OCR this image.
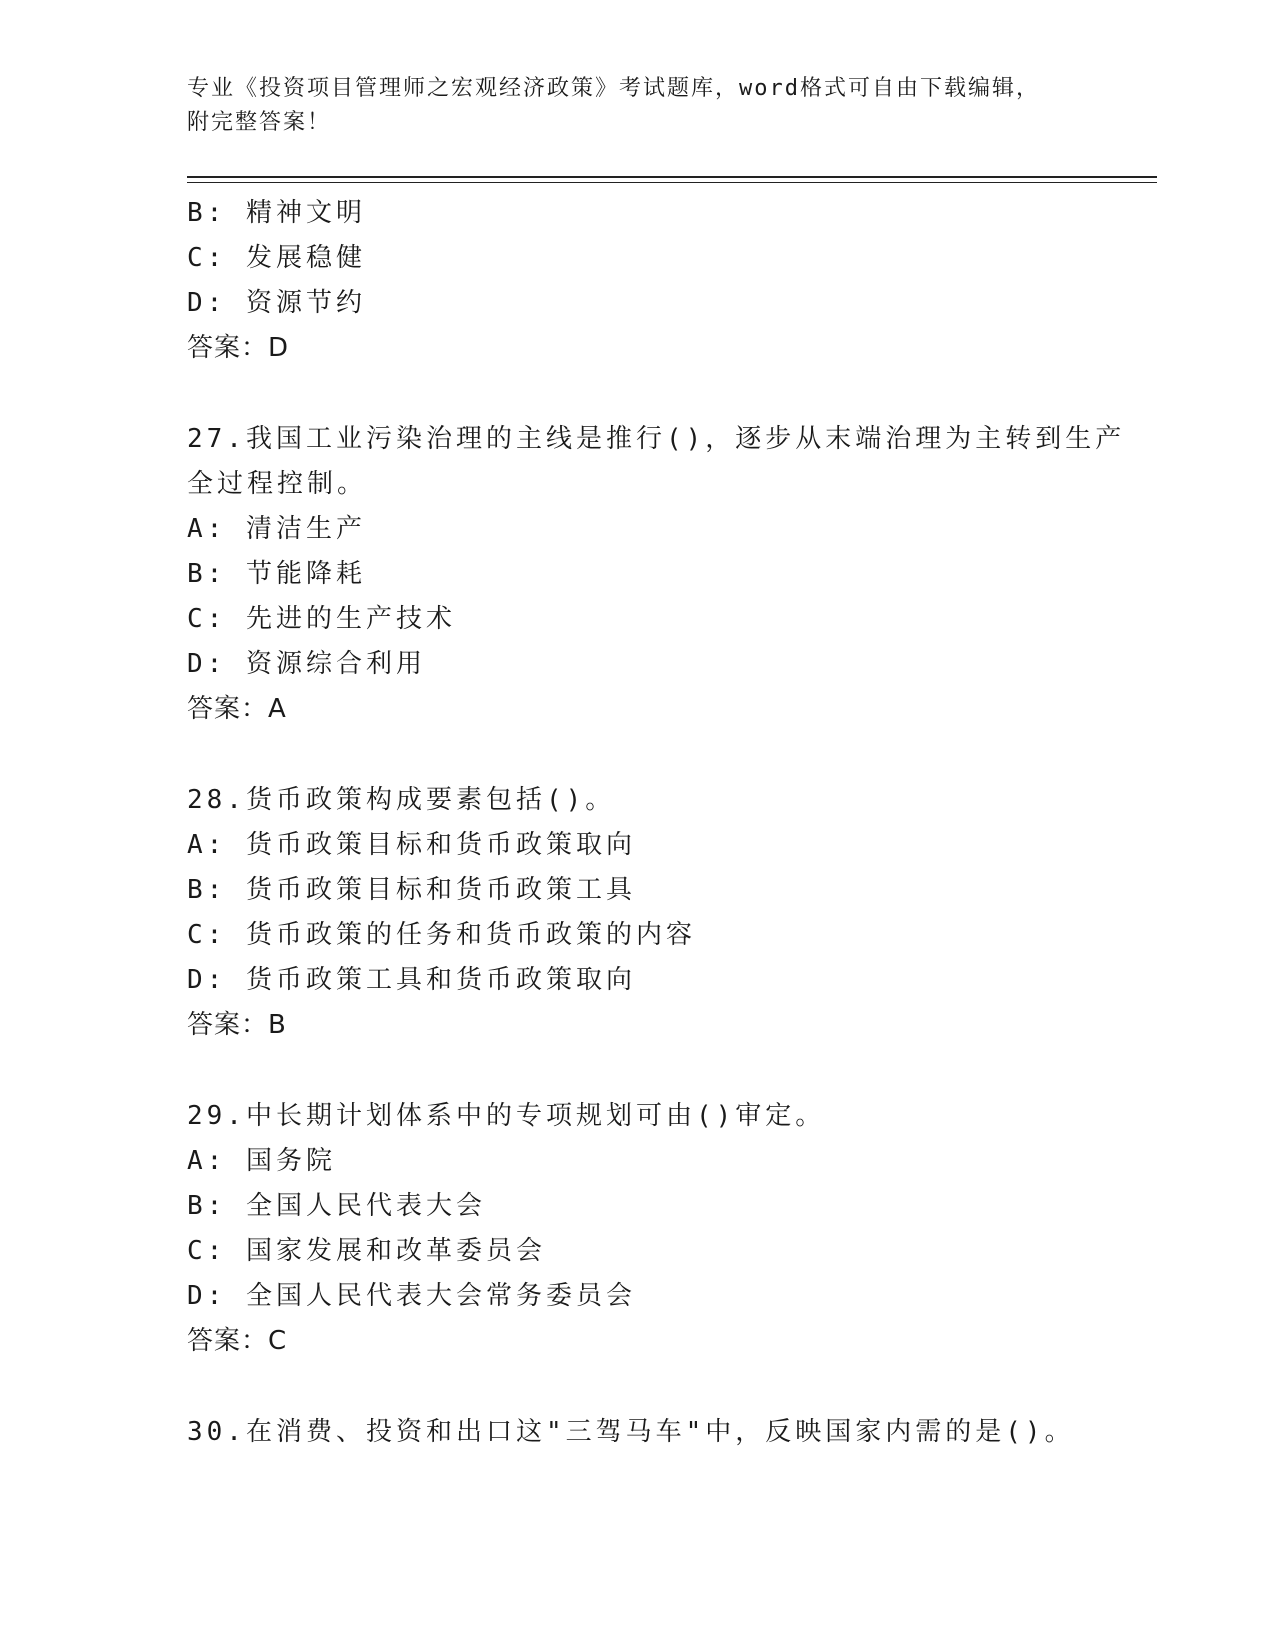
专业《投资项目管理师之宏观经济政策》考试题库，word格式可自由下载编辑，附完整答案！

B: 精神文明
C: 发展稳健
D: 资源节约
答案：D
27.我国工业污染治理的主线是推行()，逐步从末端治理为主转到生产
全过程控制。
A: 清洁生产
B: 节能降耗
C: 先进的生产技术
D: 资源综合利用
答案：A
28.货币政策构成要素包括()。
A: 货币政策目标和货币政策取向
B: 货币政策目标和货币政策工具
C: 货币政策的任务和货币政策的内容
D: 货币政策工具和货币政策取向
答案：B
29.中长期计划体系中的专项规划可由()审定。
A: 国务院
B: 全国人民代表大会
C: 国家发展和改革委员会
D: 全国人民代表大会常务委员会
答案：C
30.在消费、投资和出口这"三驾马车"中，反映国家内需的是()。
